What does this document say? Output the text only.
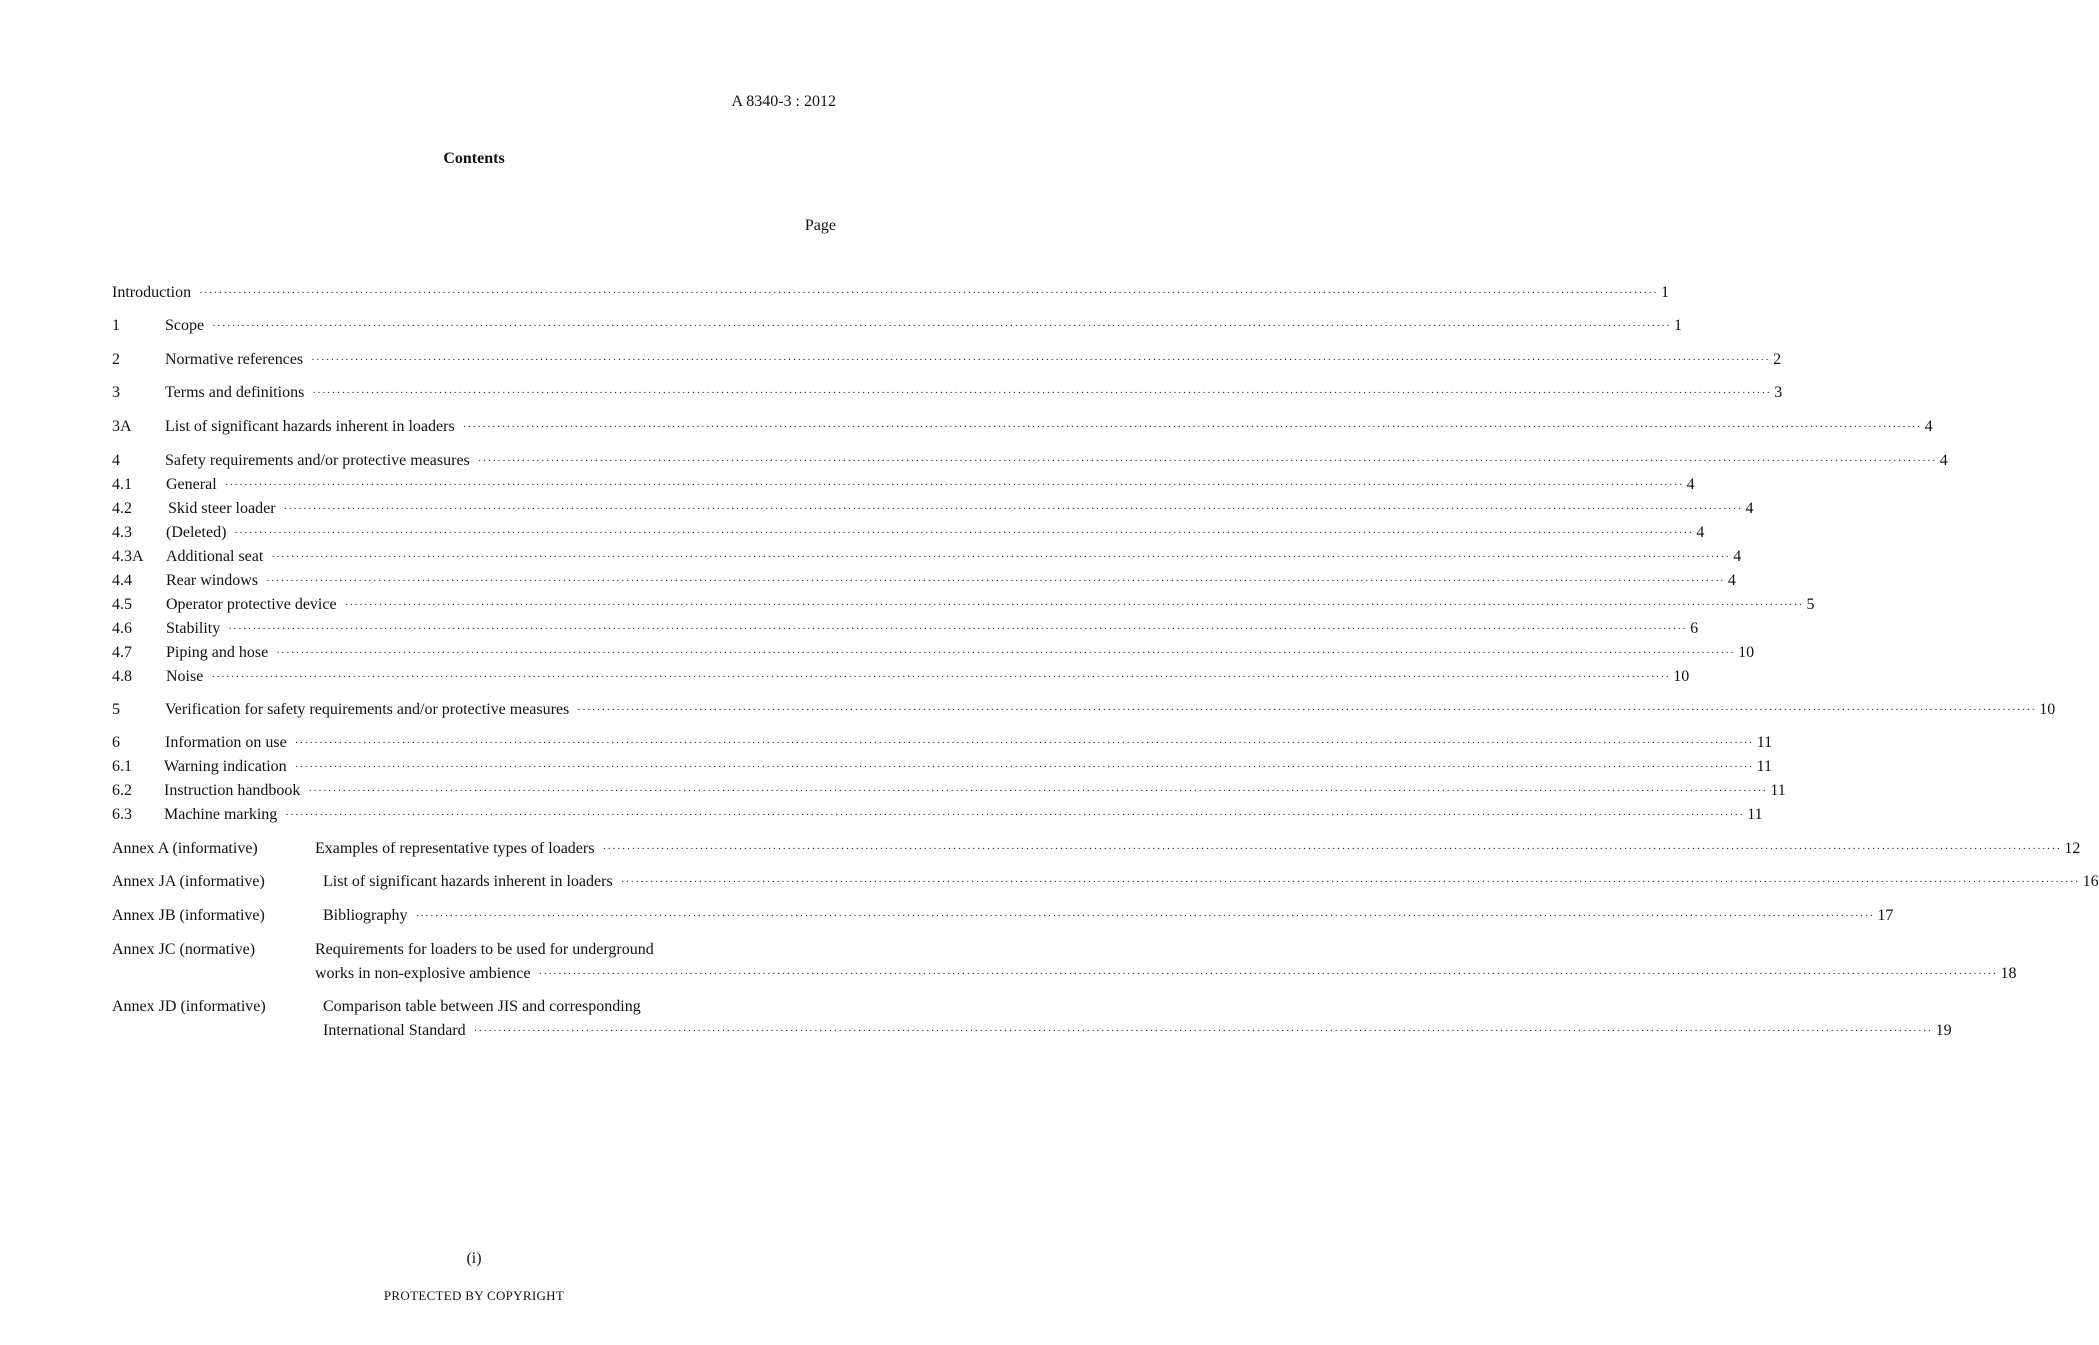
A 8340-3 : 2012
Contents
Page
Introduction ············································································································································································································································································································ 1
1	Scope ············································································································································································································································································································ 1
2	Normative references ············································································································································································································································································································ 2
3	Terms and definitions ············································································································································································································································································································ 3
3A List of significant hazards inherent in loaders ············································································································································································································································································································ 4
4	Safety requirements and/or protective measures ············································································································································································································································································································ 4
4.1 General ············································································································································································································································································································ 4
4.2 Skid steer loader ············································································································································································································································································································ 4
4.3 (Deleted) ············································································································································································································································································································ 4
4.3A Additional seat ············································································································································································································································································································ 4
4.4 Rear windows ············································································································································································································································································································ 4
4.5 Operator protective device ············································································································································································································································································································ 5
4.6 Stability ············································································································································································································································································································ 6
4.7 Piping and hose ············································································································································································································································································································ 10
4.8 Noise ············································································································································································································································································································ 10
5	Verification for safety requirements and/or protective measures ············································································································································································································································································································ 10
6	Information on use ············································································································································································································································································································ 11
6.1 Warning indication ············································································································································································································································································································ 11
6.2 Instruction handbook ············································································································································································································································································································ 11
6.3 Machine marking ············································································································································································································································································································ 11
Annex A (informative)	Examples of representative types of loaders ············································································································································································································································································································ 12
Annex JA (informative)	List of significant hazards inherent in loaders ············································································································································································································································································································ 16
Annex JB (informative)	Bibliography ············································································································································································································································································································ 17
Annex JC (normative)	Requirements for loaders to be used for underground
works in non-explosive ambience ············································································································································································································································································································ 18
Annex JD (informative)	Comparison table between JIS and corresponding
International Standard ············································································································································································································································································································ 19
(i)
PROTECTED BY COPYRIGHT
